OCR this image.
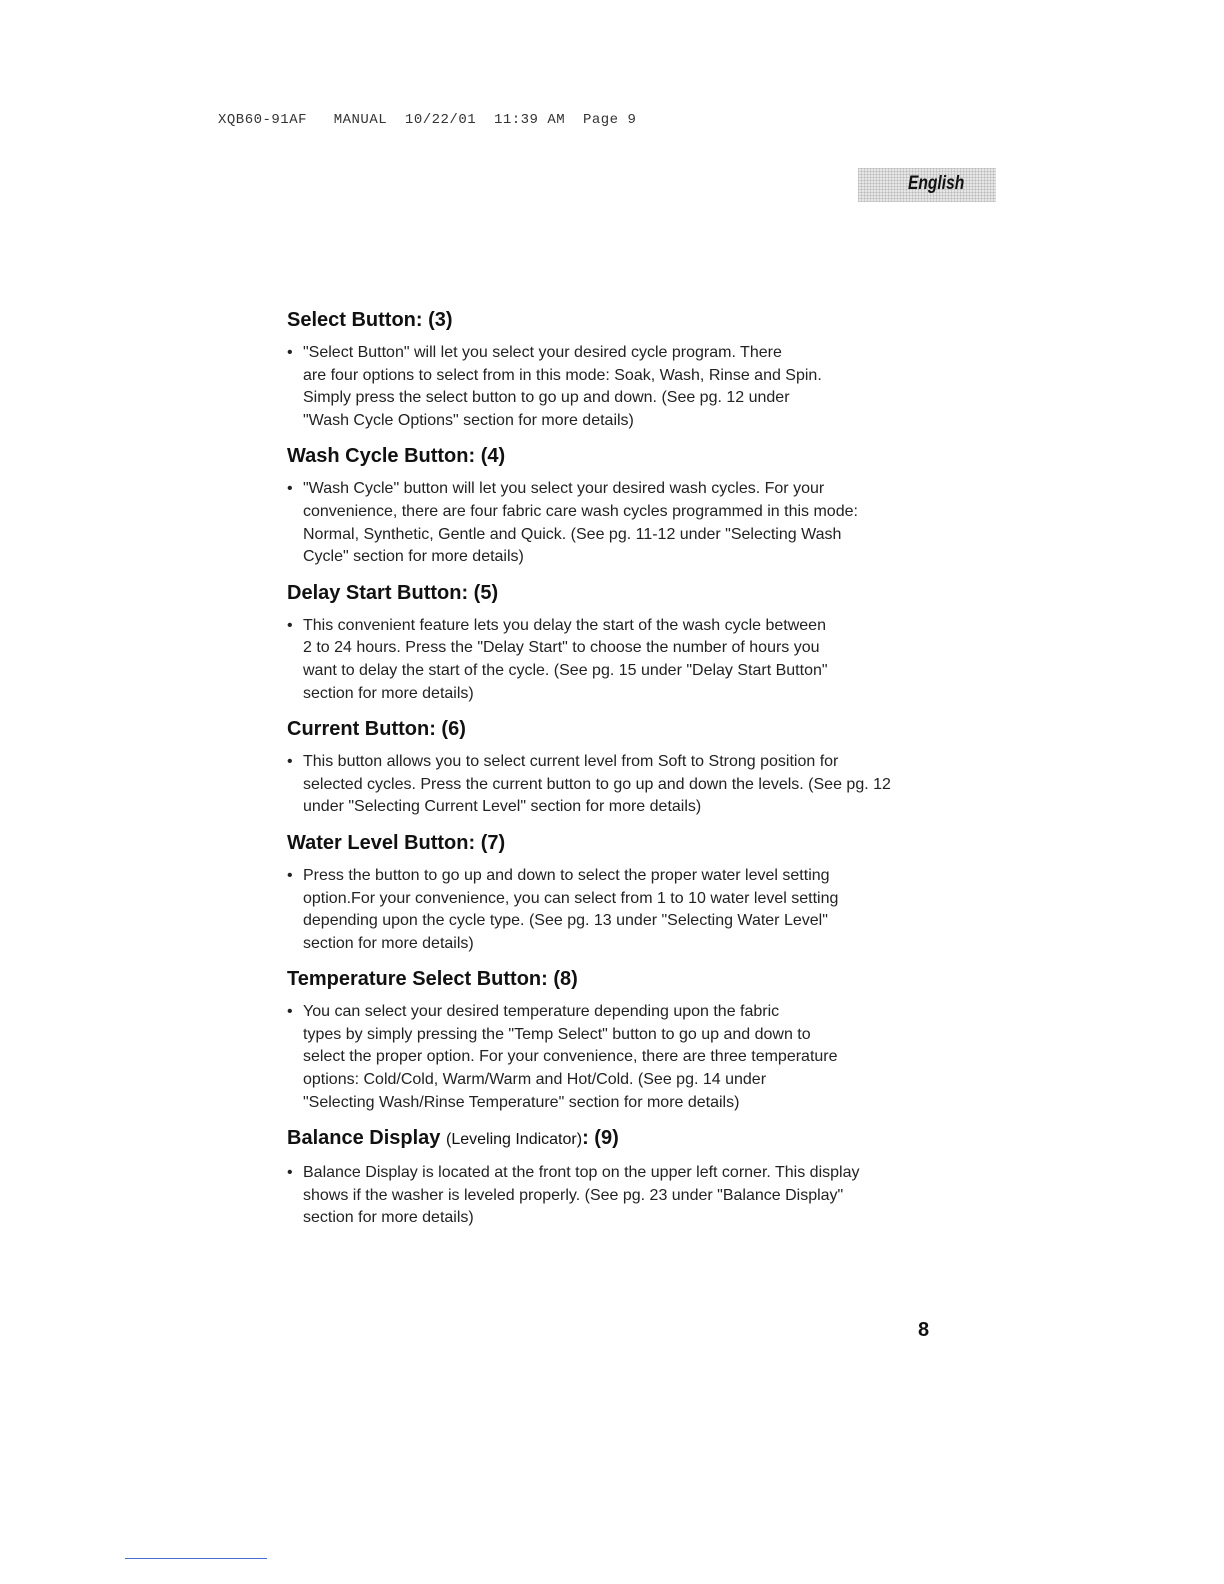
XQB60-91AF   MANUAL  10/22/01  11:39 AM  Page 9
English
Select Button: (3)
• "Select Button" will let you select your desired cycle program. There
are four options to select from in this mode: Soak, Wash, Rinse and Spin.
Simply press the select button to go up and down. (See pg. 12 under
"Wash Cycle Options" section for more details)
Wash Cycle Button: (4)
• "Wash Cycle" button will let you select your desired wash cycles. For your
convenience, there are four fabric care wash cycles programmed in this mode:
Normal, Synthetic, Gentle and Quick. (See pg. 11-12 under "Selecting Wash
Cycle" section for more details)
Delay Start Button: (5)
• This convenient feature lets you delay the start of the wash cycle between
2 to 24 hours. Press the "Delay Start" to choose the number of hours you
want to delay the start of the cycle. (See pg. 15 under "Delay Start Button"
section for more details)
Current Button: (6)
• This button allows you to select current level from Soft to Strong position for
selected cycles. Press the current button to go up and down the levels. (See pg. 12
under "Selecting Current Level" section for more details)
Water Level Button: (7)
• Press the button to go up and down to select the proper water level setting
option.For your convenience, you can select from 1 to 10 water level setting
depending upon the cycle type. (See pg. 13 under "Selecting Water Level"
section for more details)
Temperature Select Button: (8)
• You can select your desired temperature depending upon the fabric
types by simply pressing the "Temp Select" button to go up and down to
select the proper option. For your convenience, there are three temperature
options: Cold/Cold, Warm/Warm and Hot/Cold. (See pg. 14 under
"Selecting Wash/Rinse Temperature" section for more details)
Balance Display (Leveling Indicator): (9)
• Balance Display is located at the front top on the upper left corner. This display
shows if the washer is leveled properly. (See pg. 23 under "Balance Display"
section for more details)
8
